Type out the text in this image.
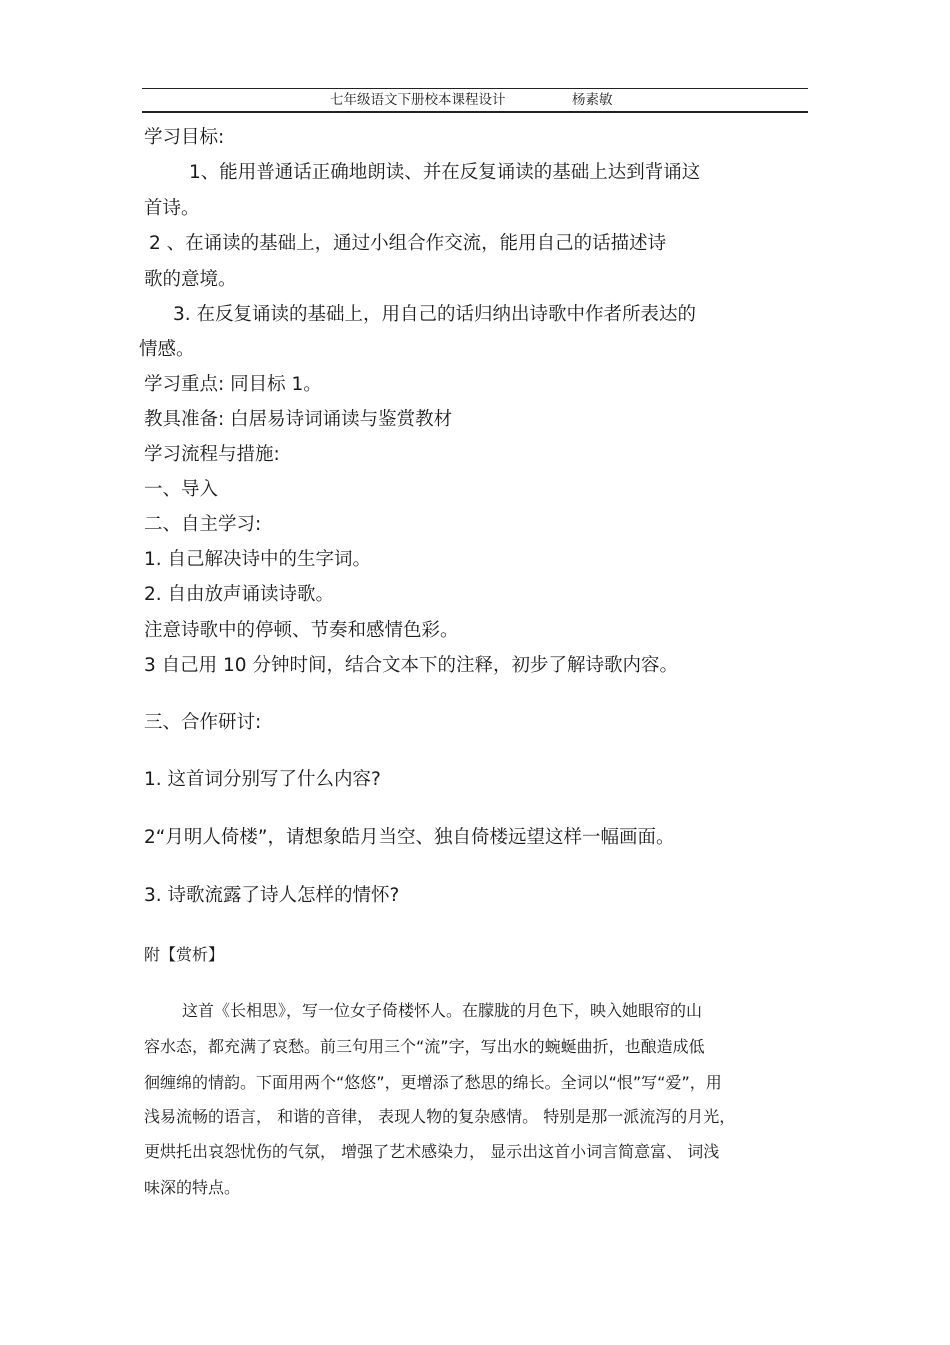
七年级语文下册校本课程设计	杨素敏
学习目标:
1、能用普通话正确地朗读、并在反复诵读的基础上达到背诵这
首诗。
2 、在诵读的基础上，通过小组合作交流，能用自己的话描述诗
歌的意境。
3. 在反复诵读的基础上，用自己的话归纳出诗歌中作者所表达的
情感。
学习重点: 同目标 1。
教具准备: 白居易诗词诵读与鉴赏教材
学习流程与措施:
一、导入
二、自主学习:
1. 自己解决诗中的生字词。
2. 自由放声诵读诗歌。
注意诗歌中的停顿、节奏和感情色彩。
3 自己用 10 分钟时间，结合文本下的注释，初步了解诗歌内容。
三、合作研讨:
1. 这首词分别写了什么内容?
2“月明人倚楼”，请想象皓月当空、独自倚楼远望这样一幅画面。
3. 诗歌流露了诗人怎样的情怀?
附【赏析】
这首《长相思》，写一位女子倚楼怀人。在朦胧的月色下，映入她眼帘的山
容水态，都充满了哀愁。前三句用三个“流”字，写出水的蜿蜒曲折，也酿造成低
徊缠绵的情韵。下面用两个“悠悠”，更增添了愁思的绵长。全词以“恨”写“爱”，用
浅易流畅的语言， 和谐的音律， 表现人物的复杂感情。 特别是那一派流泻的月光，
更烘托出哀怨忧伤的气氛， 增强了艺术感染力， 显示出这首小词言简意富、 词浅
味深的特点。
